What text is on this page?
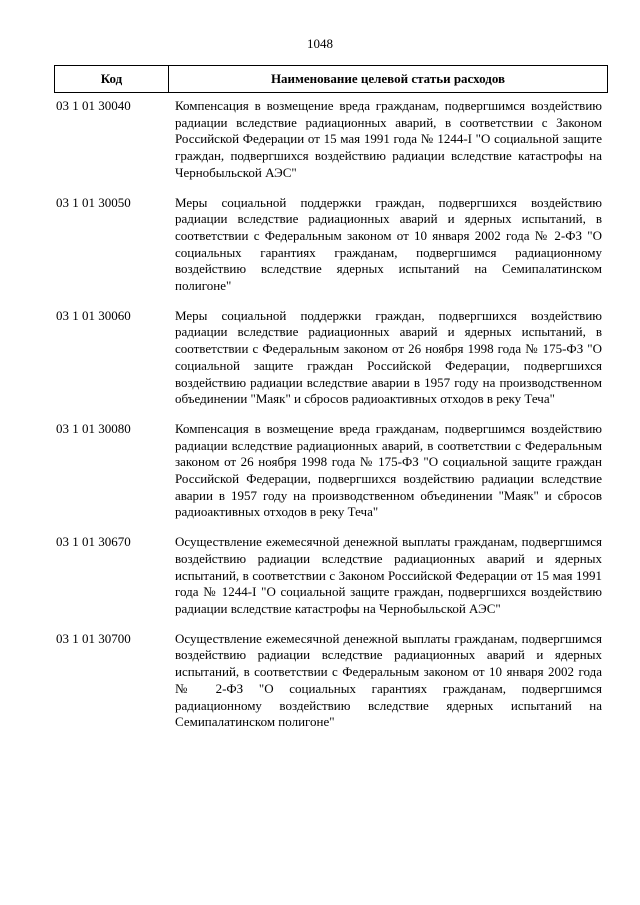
1048
Код	Наименование целевой статьи расходов
03 1 01 30040	Компенсация в возмещение вреда гражданам, подвергшимся воздействию радиации вследствие радиационных аварий, в соответствии с Законом Российской Федерации от 15 мая 1991 года № 1244-I "О социальной защите граждан, подвергшихся воздействию радиации вследствие катастрофы на Чернобыльской АЭС"
03 1 01 30050	Меры социальной поддержки граждан, подвергшихся воздействию радиации вследствие радиационных аварий и ядерных испытаний, в соответствии с Федеральным законом от 10 января 2002 года № 2-ФЗ "О социальных гарантиях гражданам, подвергшимся радиационному воздействию вследствие ядерных испытаний на Семипалатинском полигоне"
03 1 01 30060	Меры социальной поддержки граждан, подвергшихся воздействию радиации вследствие радиационных аварий и ядерных испытаний, в соответствии с Федеральным законом от 26 ноября 1998 года № 175-ФЗ "О социальной защите граждан Российской Федерации, подвергшихся воздействию радиации вследствие аварии в 1957 году на производственном объединении "Маяк" и сбросов радиоактивных отходов в реку Теча"
03 1 01 30080	Компенсация в возмещение вреда гражданам, подвергшимся воздействию радиации вследствие радиационных аварий, в соответствии с Федеральным законом от 26 ноября 1998 года № 175-ФЗ "О социальной защите граждан Российской Федерации, подвергшихся воздействию радиации вследствие аварии в 1957 году на производственном объединении "Маяк" и сбросов радиоактивных отходов в реку Теча"
03 1 01 30670	Осуществление ежемесячной денежной выплаты гражданам, подвергшимся воздействию радиации вследствие радиационных аварий и ядерных испытаний, в соответствии с Законом Российской Федерации от 15 мая 1991 года № 1244-I "О социальной защите граждан, подвергшихся воздействию радиации вследствие катастрофы на Чернобыльской АЭС"
03 1 01 30700	Осуществление ежемесячной денежной выплаты гражданам, подвергшимся воздействию радиации вследствие радиационных аварий и ядерных испытаний, в соответствии с Федеральным законом от 10 января 2002 года № 2-ФЗ "О социальных гарантиях гражданам, подвергшимся радиационному воздействию вследствие ядерных испытаний на Семипалатинском полигоне"
